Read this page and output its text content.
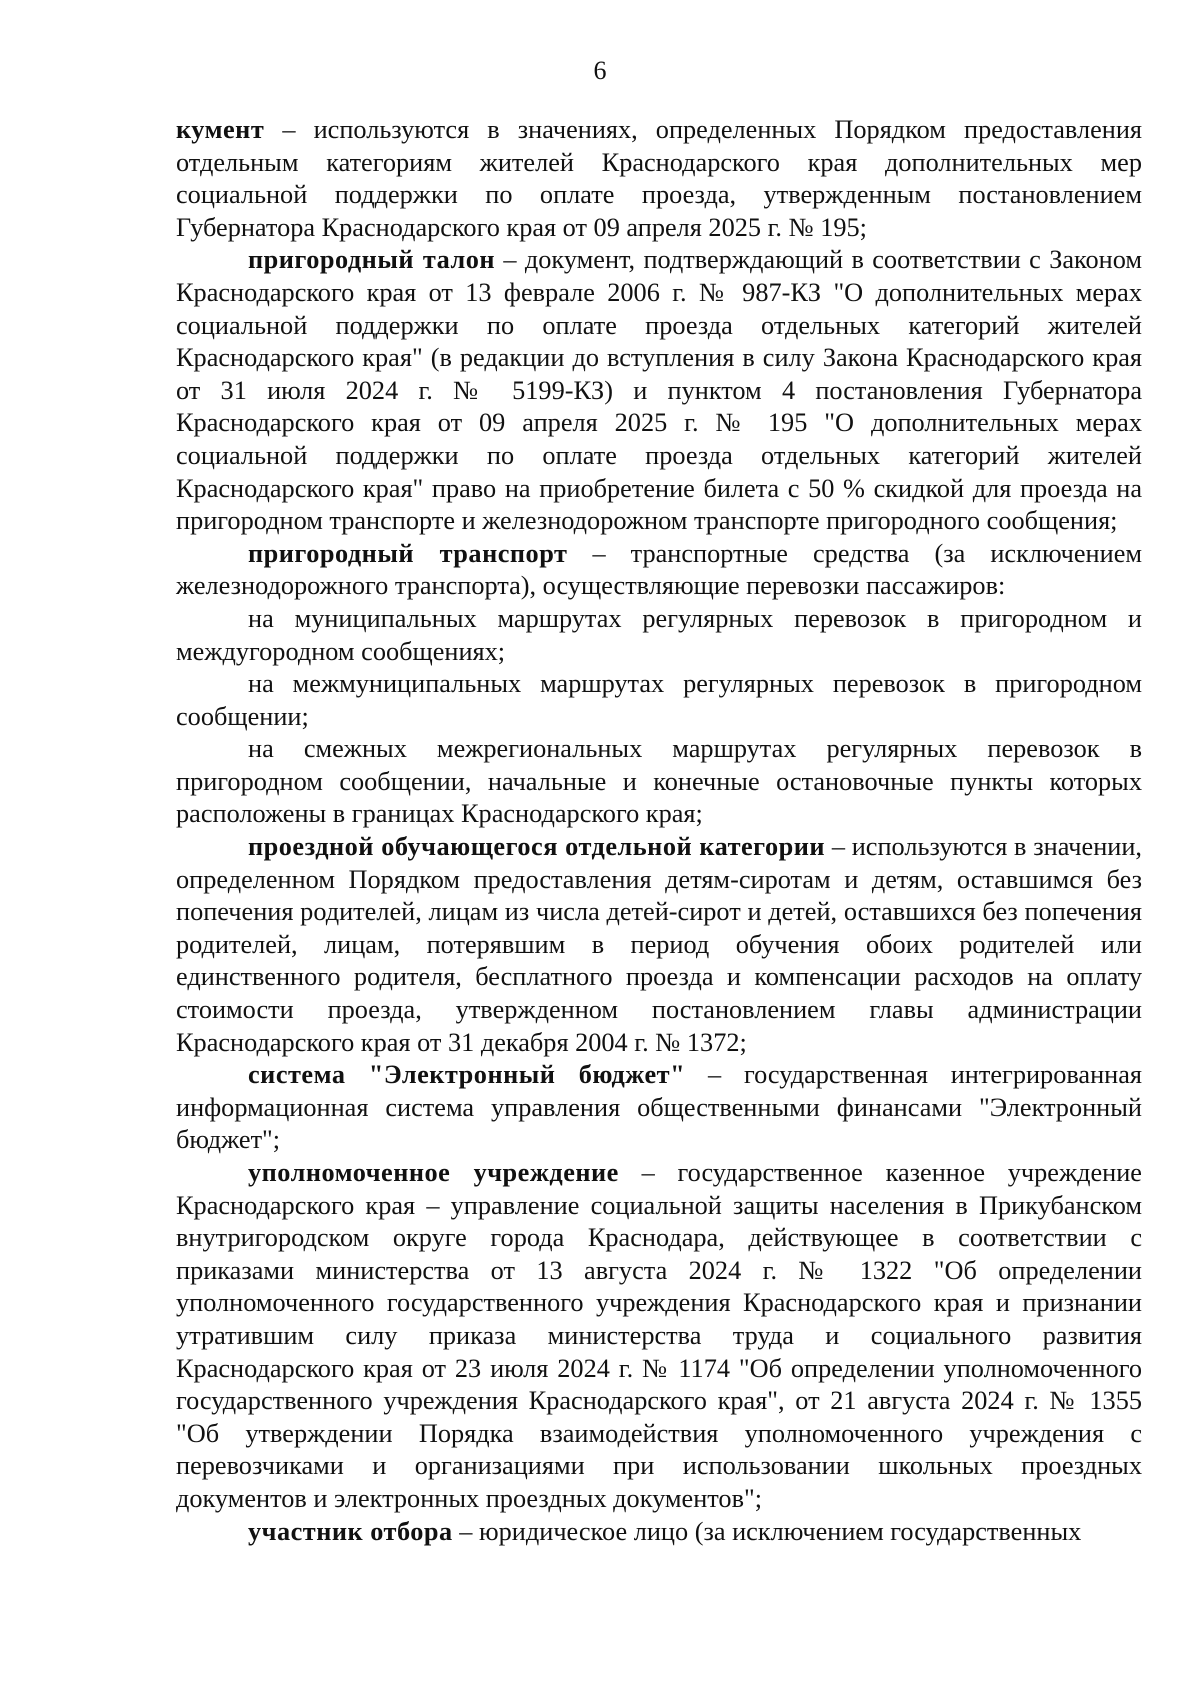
6

кумент – используются в значениях, определенных Порядком предоставления отдельным категориям жителей Краснодарского края дополнительных мер социальной поддержки по оплате проезда, утвержденным постановлением Губернатора Краснодарского края от 09 апреля 2025 г. № 195;

пригородный талон – документ, подтверждающий в соответствии с Законом Краснодарского края от 13 феврале 2006 г. № 987-КЗ "О дополнительных мерах социальной поддержки по оплате проезда отдельных категорий жителей Краснодарского края" (в редакции до вступления в силу Закона Краснодарского края от 31 июля 2024 г. № 5199-КЗ) и пунктом 4 постановления Губернатора Краснодарского края от 09 апреля 2025 г. № 195 "О дополнительных мерах социальной поддержки по оплате проезда отдельных категорий жителей Краснодарского края" право на приобретение билета с 50 % скидкой для проезда на пригородном транспорте и железнодорожном транспорте пригородного сообщения;

пригородный транспорт – транспортные средства (за исключением железнодорожного транспорта), осуществляющие перевозки пассажиров:

на муниципальных маршрутах регулярных перевозок в пригородном и междугородном сообщениях;

на межмуниципальных маршрутах регулярных перевозок в пригородном сообщении;

на смежных межрегиональных маршрутах регулярных перевозок в пригородном сообщении, начальные и конечные остановочные пункты которых расположены в границах Краснодарского края;

проездной обучающегося отдельной категории – используются в значении, определенном Порядком предоставления детям-сиротам и детям, оставшимся без попечения родителей, лицам из числа детей-сирот и детей, оставшихся без попечения родителей, лицам, потерявшим в период обучения обоих родителей или единственного родителя, бесплатного проезда и компенсации расходов на оплату стоимости проезда, утвержденном постановлением главы администрации Краснодарского края от 31 декабря 2004 г. № 1372;

система "Электронный бюджет" – государственная интегрированная информационная система управления общественными финансами "Электронный бюджет";

уполномоченное учреждение – государственное казенное учреждение Краснодарского края – управление социальной защиты населения в Прикубанском внутригородском округе города Краснодара, действующее в соответствии с приказами министерства от 13 августа 2024 г. № 1322 "Об определении уполномоченного государственного учреждения Краснодарского края и признании утратившим силу приказа министерства труда и социального развития Краснодарского края от 23 июля 2024 г. № 1174 "Об определении уполномоченного государственного учреждения Краснодарского края", от 21 августа 2024 г. № 1355 "Об утверждении Порядка взаимодействия уполномоченного учреждения с перевозчиками и организациями при использовании школьных проездных документов и электронных проездных документов";

участник отбора – юридическое лицо (за исключением государственных
